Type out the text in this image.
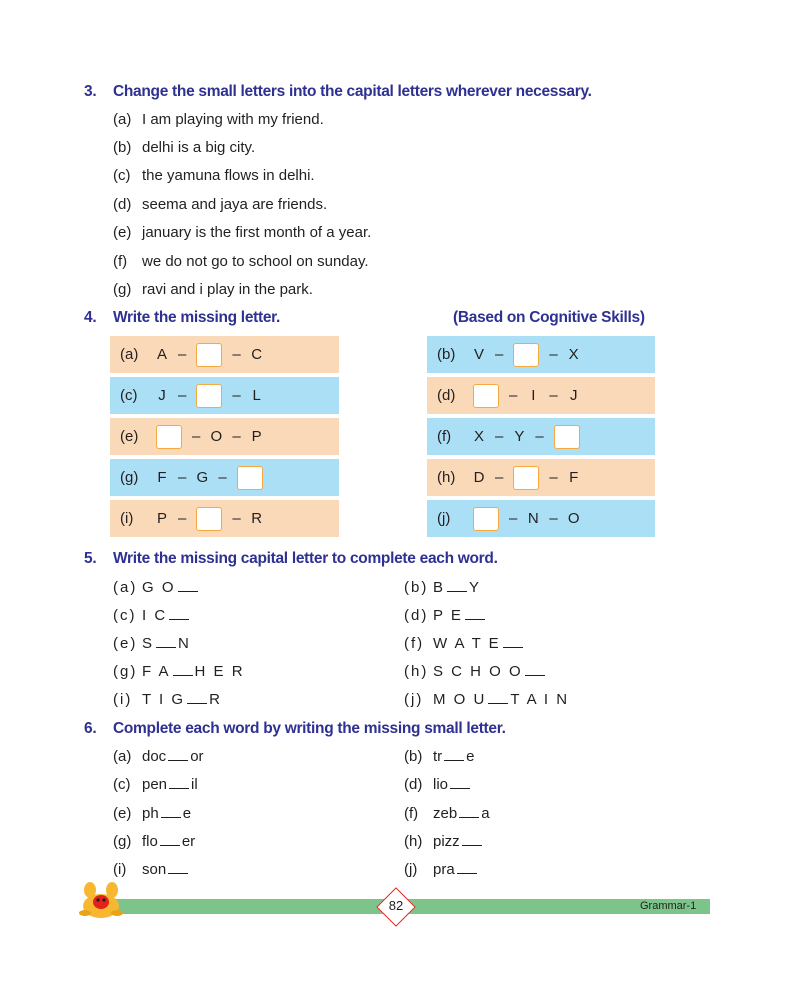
3. Change the small letters into the capital letters wherever necessary.
(a) I am playing with my friend.
(b) delhi is a big city.
(c) the yamuna flows in delhi.
(d) seema and jaya are friends.
(e) january is the first month of a year.
(f) we do not go to school on sunday.
(g) ravi and i play in the park.
4. Write the missing letter.	(Based on Cognitive Skills)
(a)	A –	– C
(c)	J –	– L
(e)	– O – P
(g)	F – G –
(i)	P –	– R
(b)	V –	– X
(d)	– I – J
(f)	X – Y –
(h)	D –	– F
(j)	– N – O
5. Write the missing capital letter to complete each word.
(a) G O	(b) B Y
(c) I C	(d) P E
(e) S N	(f) W A T E
(g) F A H E R	(h) S C H O O
(i) T I G R	(j) M O U T A I N
6. Complete each word by writing the missing small letter.
(a) doc or	(b) tr e
(c) pen il	(d) lio
(e) ph e	(f) zeb a
(g) flo er	(h) pizz
(i) son	(j) pra
82	Grammar-1
